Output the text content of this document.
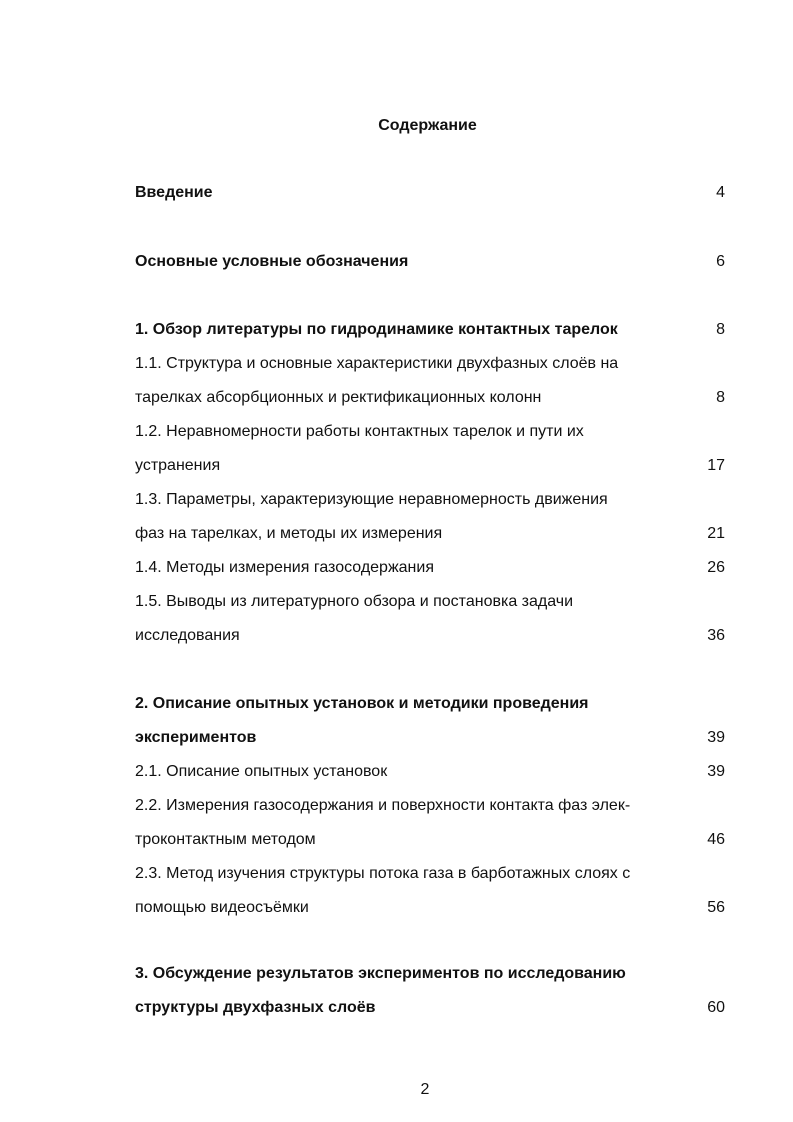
Содержание
Введение	4
Основные условные обозначения	6
1. Обзор литературы по гидродинамике контактных тарелок	8
1.1. Структура и основные характеристики двухфазных слоёв на
тарелках абсорбционных и ректификационных колонн	8
1.2. Неравномерности работы контактных тарелок и пути их
устранения	17
1.3. Параметры, характеризующие неравномерность движения
фаз на тарелках, и методы их измерения	21
1.4. Методы измерения газосодержания	26
1.5. Выводы из литературного обзора и постановка задачи
исследования	36
2. Описание опытных установок и методики проведения
экспериментов	39
2.1. Описание опытных установок	39
2.2. Измерения газосодержания и поверхности контакта фаз элек-
троконтактным методом	46
2.3. Метод изучения структуры потока газа в барботажных слоях с
помощью видеосъёмки	56
3. Обсуждение результатов экспериментов по исследованию
структуры двухфазных слоёв	60
2
